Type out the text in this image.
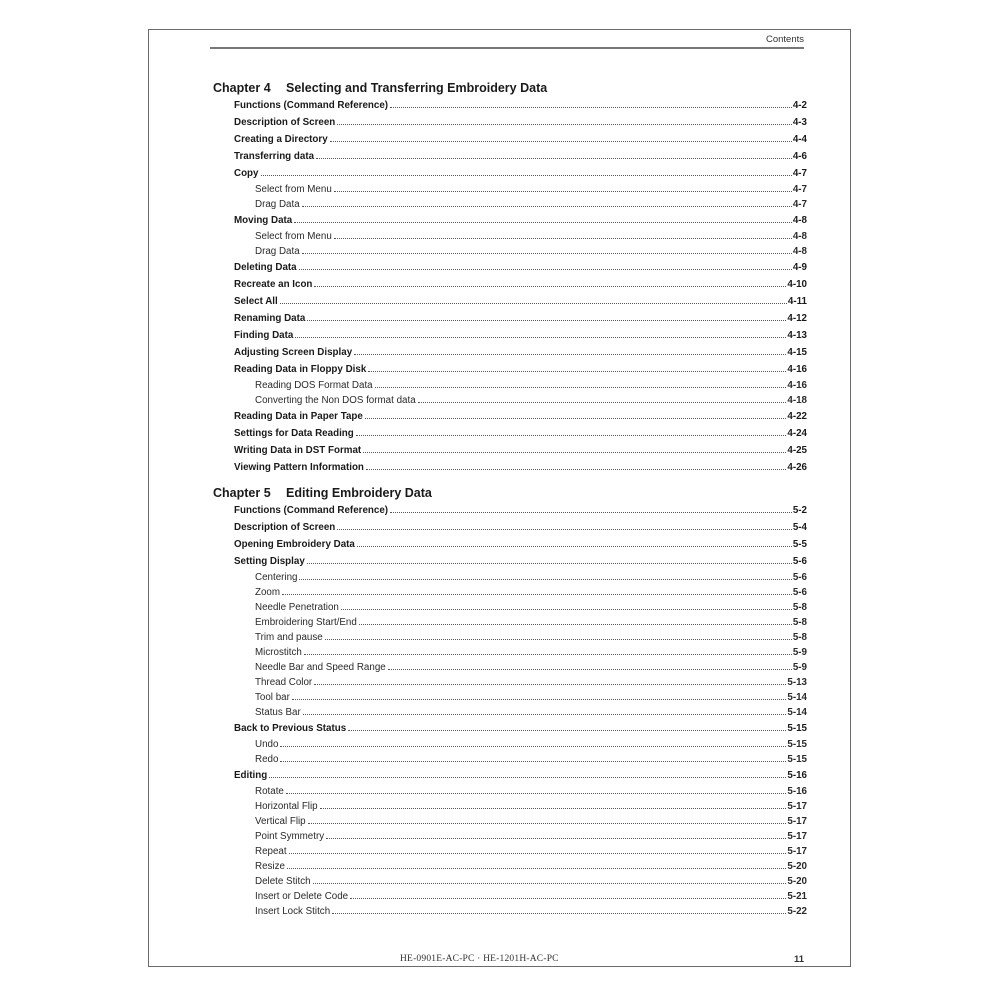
Contents
Chapter 4 Selecting and Transferring Embroidery Data
Functions (Command Reference)	4-2
Description of Screen	4-3
Creating a Directory	4-4
Transferring data	4-6
Copy	4-7
Select from Menu	4-7
Drag Data	4-7
Moving Data	4-8
Select from Menu	4-8
Drag Data	4-8
Deleting Data	4-9
Recreate an Icon	4-10
Select All	4-11
Renaming Data	4-12
Finding Data	4-13
Adjusting Screen Display	4-15
Reading Data in Floppy Disk	4-16
Reading DOS Format Data	4-16
Converting the Non DOS format data	4-18
Reading Data in Paper Tape	4-22
Settings for Data Reading	4-24
Writing Data in DST Format	4-25
Viewing Pattern Information	4-26
Chapter 5 Editing Embroidery Data
Functions (Command Reference)	5-2
Description of Screen	5-4
Opening Embroidery Data	5-5
Setting Display	5-6
Centering	5-6
Zoom	5-6
Needle Penetration	5-8
Embroidering Start/End	5-8
Trim and pause	5-8
Microstitch	5-9
Needle Bar and Speed Range	5-9
Thread Color	5-13
Tool bar	5-14
Status Bar	5-14
Back to Previous Status	5-15
Undo	5-15
Redo	5-15
Editing	5-16
Rotate	5-16
Horizontal Flip	5-17
Vertical Flip	5-17
Point Symmetry	5-17
Repeat	5-17
Resize	5-20
Delete Stitch	5-20
Insert or Delete Code	5-21
Insert Lock Stitch	5-22
HE-0901E-AC-PC · HE-1201H-AC-PC	11
